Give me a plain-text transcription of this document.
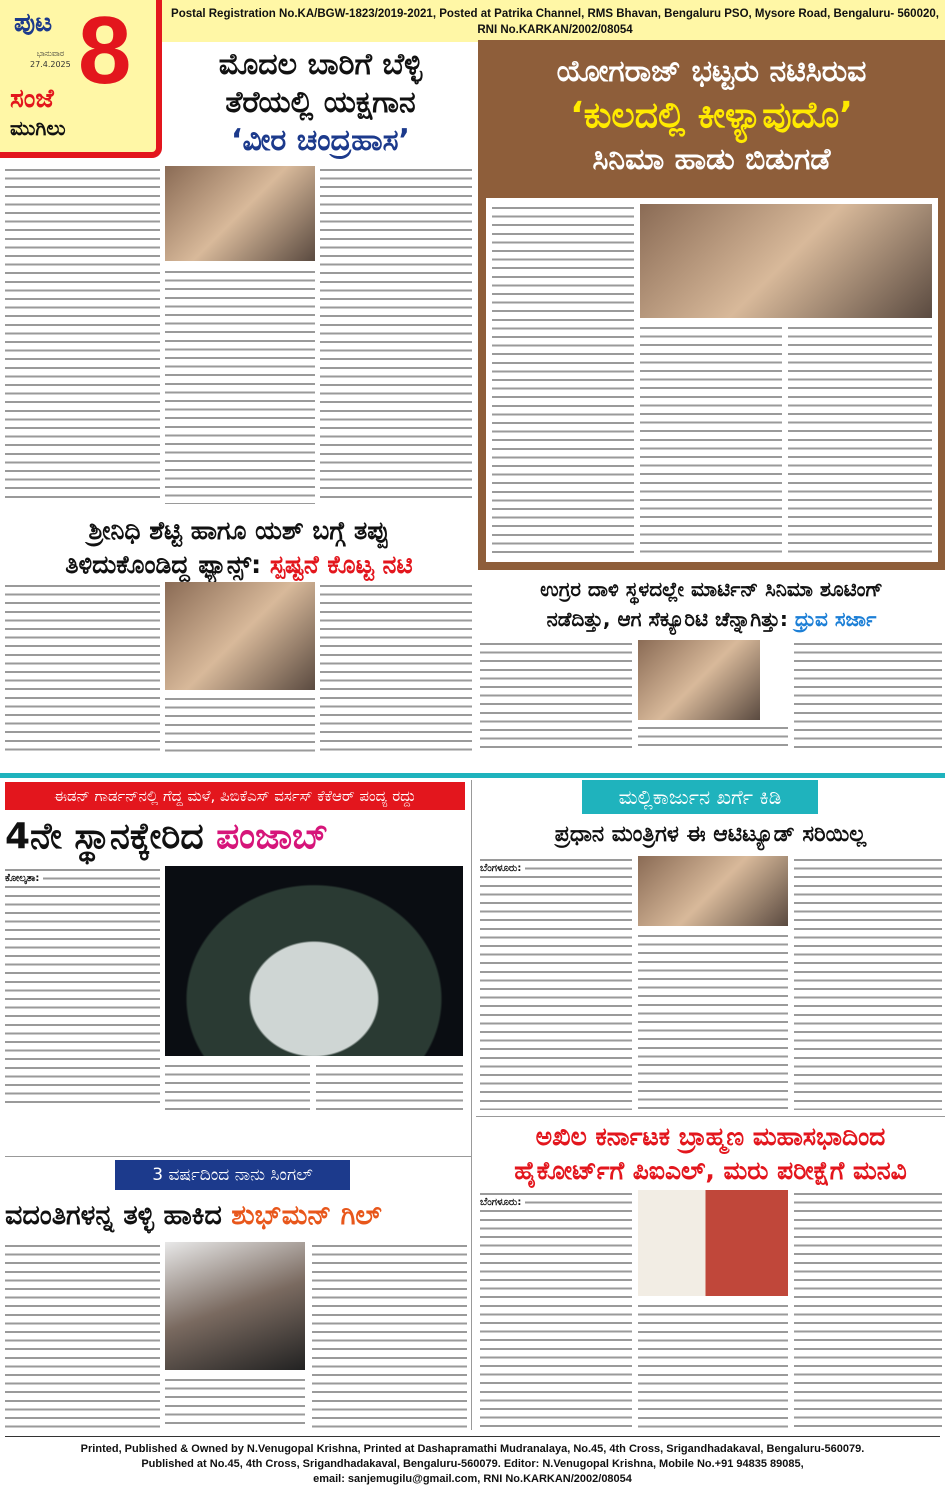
Postal Registration No.KA/BGW-1823/2019-2021, Posted at Patrika Channel, RMS Bhavan, Bengaluru PSO, Mysore Road, Bengaluru- 560020, RNI No.KARKAN/2002/08054
ಪುಟ
ಭಾನುವಾರ
27.4.2025 8
ಸಂಜೆ
ಮುಗಿಲು
ಮೊದಲ ಬಾರಿಗೆ ಬೆಳ್ಳಿ
ತೆರೆಯಲ್ಲಿ ಯಕ್ಷಗಾನ
‘ವೀರ ಚಂದ್ರಹಾಸ’
ಯೋಗರಾಜ್ ಭಟ್ಟರು ನಟಿಸಿರುವ
‘ಕುಲದಲ್ಲಿ ಕೀಳ್ಯಾವುದೊ’
ಸಿನಿಮಾ ಹಾಡು ಬಿಡುಗಡೆ
ಶ್ರೀನಿಧಿ ಶೆಟ್ಟಿ ಹಾಗೂ ಯಶ್ ಬಗ್ಗೆ ತಪ್ಪು
ತಿಳಿದುಕೊಂಡಿದ್ದ ಫ್ಯಾನ್ಸ್: ಸ್ಪಷ್ಟನೆ ಕೊಟ್ಟ ನಟಿ
ಉಗ್ರರ ದಾಳಿ ಸ್ಥಳದಲ್ಲೇ ಮಾರ್ಟಿನ್ ಸಿನಿಮಾ ಶೂಟಿಂಗ್
ನಡೆದಿತ್ತು, ಆಗ ಸೆಕ್ಯೂರಿಟಿ ಚೆನ್ನಾಗಿತ್ತು: ಧ್ರುವ ಸರ್ಜಾ
ಈಡನ್ ಗಾರ್ಡನ್‌ನಲ್ಲಿ ಗೆದ್ದ ಮಳೆ, ಪಿಬಿಕೆಎಸ್ ವರ್ಸಸ್ ಕೆಕೆಆರ್ ಪಂದ್ಯ ರದ್ದು
4ನೇ ಸ್ಥಾನಕ್ಕೇರಿದ ಪಂಜಾಬ್
ಕೋಲ್ಕತಾ:
ಮಲ್ಲಿಕಾರ್ಜುನ ಖರ್ಗೆ ಕಿಡಿ
ಪ್ರಧಾನ ಮಂತ್ರಿಗಳ ಈ ಆಟಿಟ್ಯೂಡ್ ಸರಿಯಿಲ್ಲ
ಬೆಂಗಳೂರು:
ಅಖಿಲ ಕರ್ನಾಟಕ ಬ್ರಾಹ್ಮಣ ಮಹಾಸಭಾದಿಂದ
ಹೈಕೋರ್ಟ್‌ಗೆ ಪಿಐಎಲ್, ಮರು ಪರೀಕ್ಷೆಗೆ ಮನವಿ
ಬೆಂಗಳೂರು:
3 ವರ್ಷದಿಂದ ನಾನು ಸಿಂಗಲ್
ವದಂತಿಗಳನ್ನ ತಳ್ಳಿ ಹಾಕಿದ ಶುಭ್‌ಮನ್ ಗಿಲ್
Printed, Published & Owned by N.Venugopal Krishna, Printed at Dashapramathi Mudranalaya, No.45, 4th Cross, Srigandhadakaval, Bengaluru-560079.
Published at No.45, 4th Cross, Srigandhadakaval, Bengaluru-560079. Editor: N.Venugopal Krishna, Mobile No.+91 94835 89085,
email: sanjemugilu@gmail.com, RNI No.KARKAN/2002/08054
